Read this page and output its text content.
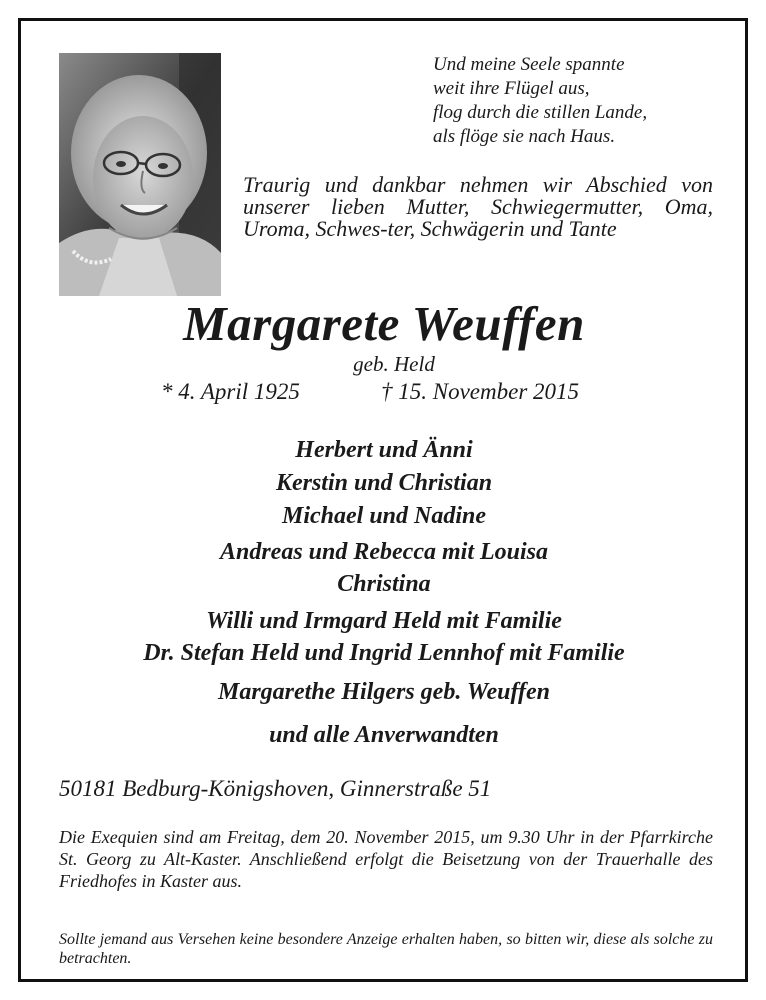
Und meine Seele spannte
weit ihre Flügel aus,
flog durch die stillen Lande,
als flöge sie nach Haus.
Traurig und dankbar nehmen wir Abschied von unserer lieben Mutter, Schwiegermutter, Oma, Uroma, Schwes-ter, Schwägerin und Tante
Margarete Weuffen
geb. Held
* 4. April 1925	† 15. November 2015
Herbert und Änni
Kerstin und Christian
Michael und Nadine
Andreas und Rebecca mit Louisa
Christina
Willi und Irmgard Held mit Familie
Dr. Stefan Held und Ingrid Lennhof mit Familie
Margarethe Hilgers geb. Weuffen
und alle Anverwandten
50181 Bedburg-Königshoven, Ginnerstraße 51
Die Exequien sind am Freitag, dem 20. November 2015, um 9.30 Uhr in der Pfarrkirche St. Georg zu Alt-Kaster. Anschließend erfolgt die Beisetzung von der Trauerhalle des Friedhofes in Kaster aus.
Sollte jemand aus Versehen keine besondere Anzeige erhalten haben, so bitten wir, diese als solche zu betrachten.
